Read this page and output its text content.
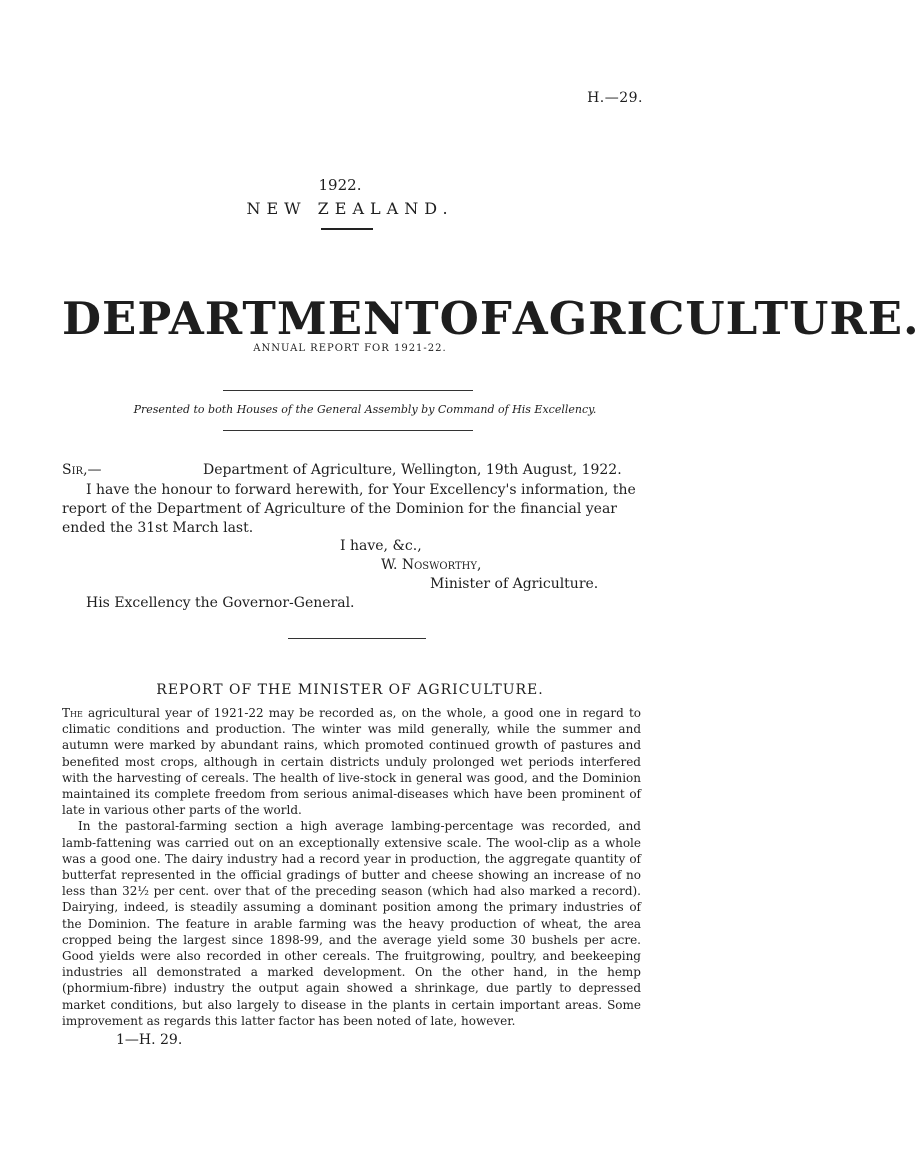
H.—29.
1922.
NEW ZEALAND.
DEPARTMENT OF AGRICULTURE.
ANNUAL REPORT FOR 1921-22.
Presented to both Houses of the General Assembly by Command of His Excellency.
Sir,—	Department of Agriculture, Wellington, 19th August, 1922.
I have the honour to forward herewith, for Your Excellency's information, the report of the Department of Agriculture of the Dominion for the financial year ended the 31st March last.
I have, &c.,
W. Nosworthy,
Minister of Agriculture.
His Excellency the Governor-General.
REPORT OF THE MINISTER OF AGRICULTURE.

The agricultural year of 1921-22 may be recorded as, on the whole, a good one in regard to climatic conditions and production. The winter was mild generally, while the summer and autumn were marked by abundant rains, which promoted continued growth of pastures and benefited most crops, although in certain districts unduly prolonged wet periods interfered with the harvesting of cereals. The health of live-stock in general was good, and the Dominion maintained its complete freedom from serious animal-diseases which have been prominent of late in various other parts of the world.

In the pastoral-farming section a high average lambing-percentage was recorded, and lamb-fattening was carried out on an exceptionally extensive scale. The wool-clip as a whole was a good one. The dairy industry had a record year in production, the aggregate quantity of butterfat represented in the official gradings of butter and cheese showing an increase of no less than 32½ per cent. over that of the preceding season (which had also marked a record). Dairying, indeed, is steadily assuming a dominant position among the primary industries of the Dominion. The feature in arable farming was the heavy production of wheat, the area cropped being the largest since 1898-99, and the average yield some 30 bushels per acre. Good yields were also recorded in other cereals. The fruitgrowing, poultry, and beekeeping industries all demonstrated a marked development. On the other hand, in the hemp (phormium-fibre) industry the output again showed a shrinkage, due partly to depressed market conditions, but also largely to disease in the plants in certain important areas. Some improvement as regards this latter factor has been noted of late, however.

1—H. 29.
